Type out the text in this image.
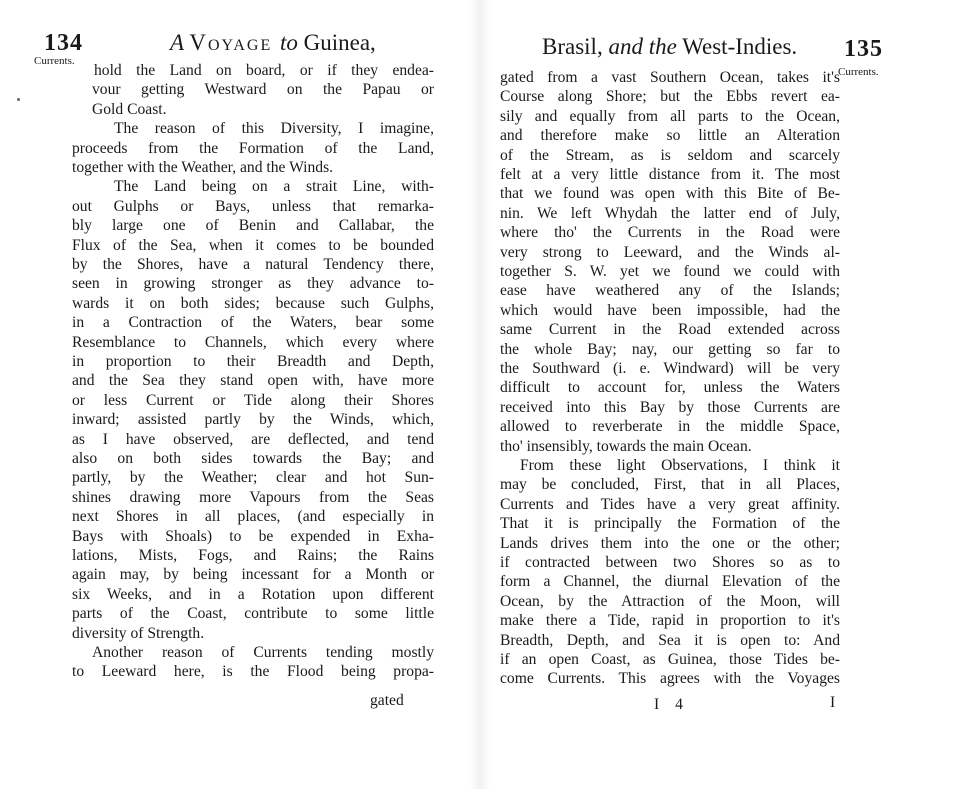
134	A Voyage to Guinea,
Currents.
hold the Land on board, or if they endea-
vour getting Westward on the Papau or
Gold Coast.
The reason of this Diversity, I imagine,
proceeds from the Formation of the Land,
together with the Weather, and the Winds.
The Land being on a strait Line, with-
out Gulphs or Bays, unless that remarka-
bly large one of Benin and Callabar, the
Flux of the Sea, when it comes to be bounded
by the Shores, have a natural Tendency there,
seen in growing stronger as they advance to-
wards it on both sides; because such Gulphs,
in a Contraction of the Waters, bear some
Resemblance to Channels, which every where
in proportion to their Breadth and Depth,
and the Sea they stand open with, have more
or less Current or Tide along their Shores
inward; assisted partly by the Winds, which,
as I have observed, are deflected, and tend
also on both sides towards the Bay; and
partly, by the Weather; clear and hot Sun-
shines drawing more Vapours from the Seas
next Shores in all places, (and especially in
Bays with Shoals) to be expended in Exha-
lations, Mists, Fogs, and Rains; the Rains
again may, by being incessant for a Month or
six Weeks, and in a Rotation upon different
parts of the Coast, contribute to some little
diversity of Strength.
Another reason of Currents tending mostly
to Leeward here, is the Flood being propa-
gated
Brasil, and the West-Indies. 135
Currents.
gated from a vast Southern Ocean, takes it's
Course along Shore; but the Ebbs revert ea-
sily and equally from all parts to the Ocean,
and therefore make so little an Alteration
of the Stream, as is seldom and scarcely
felt at a very little distance from it. The most
that we found was open with this Bite of Be-
nin. We left Whydah the latter end of July,
where tho' the Currents in the Road were
very strong to Leeward, and the Winds al-
together S. W. yet we found we could with
ease have weathered any of the Islands;
which would have been impossible, had the
same Current in the Road extended across
the whole Bay; nay, our getting so far to
the Southward (i. e. Windward) will be very
difficult to account for, unless the Waters
received into this Bay by those Currents are
allowed to reverberate in the middle Space,
tho' insensibly, towards the main Ocean.
From these light Observations, I think it
may be concluded, First, that in all Places,
Currents and Tides have a very great affinity.
That it is principally the Formation of the
Lands drives them into the one or the other;
if contracted between two Shores so as to
form a Channel, the diurnal Elevation of the
Ocean, by the Attraction of the Moon, will
make there a Tide, rapid in proportion to it's
Breadth, Depth, and Sea it is open to: And
if an open Coast, as Guinea, those Tides be-
come Currents. This agrees with the Voyages
I 4	I
